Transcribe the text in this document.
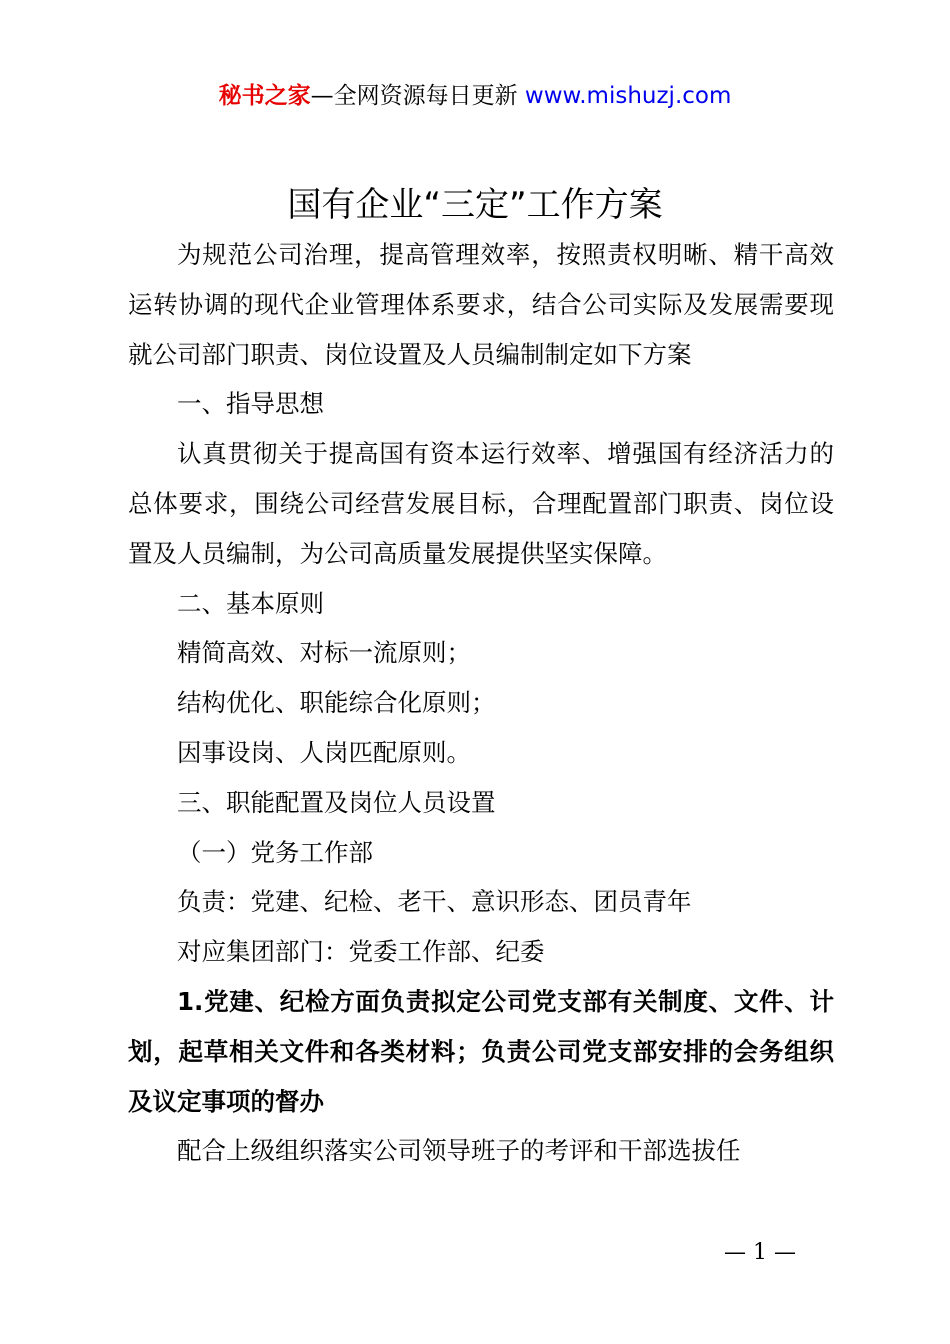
秘书之家—全网资源每日更新 www.mishuzj.com
国有企业“三定”工作方案

为规范公司治理，提高管理效率，按照责权明晰、精干高效运转协调的现代企业管理体系要求，结合公司实际及发展需要现就公司部门职责、岗位设置及人员编制制定如下方案

一、指导思想

认真贯彻关于提高国有资本运行效率、增强国有经济活力的总体要求，围绕公司经营发展目标，合理配置部门职责、岗位设置及人员编制，为公司高质量发展提供坚实保障。

二、基本原则

精简高效、对标一流原则；

结构优化、职能综合化原则；

因事设岗、人岗匹配原则。

三、职能配置及岗位人员设置

（一）党务工作部

负责：党建、纪检、老干、意识形态、团员青年

对应集团部门：党委工作部、纪委

1.党建、纪检方面负责拟定公司党支部有关制度、文件、计划，起草相关文件和各类材料；负责公司党支部安排的会务组织及议定事项的督办

配合上级组织落实公司领导班子的考评和干部选拔任

— 1 —
